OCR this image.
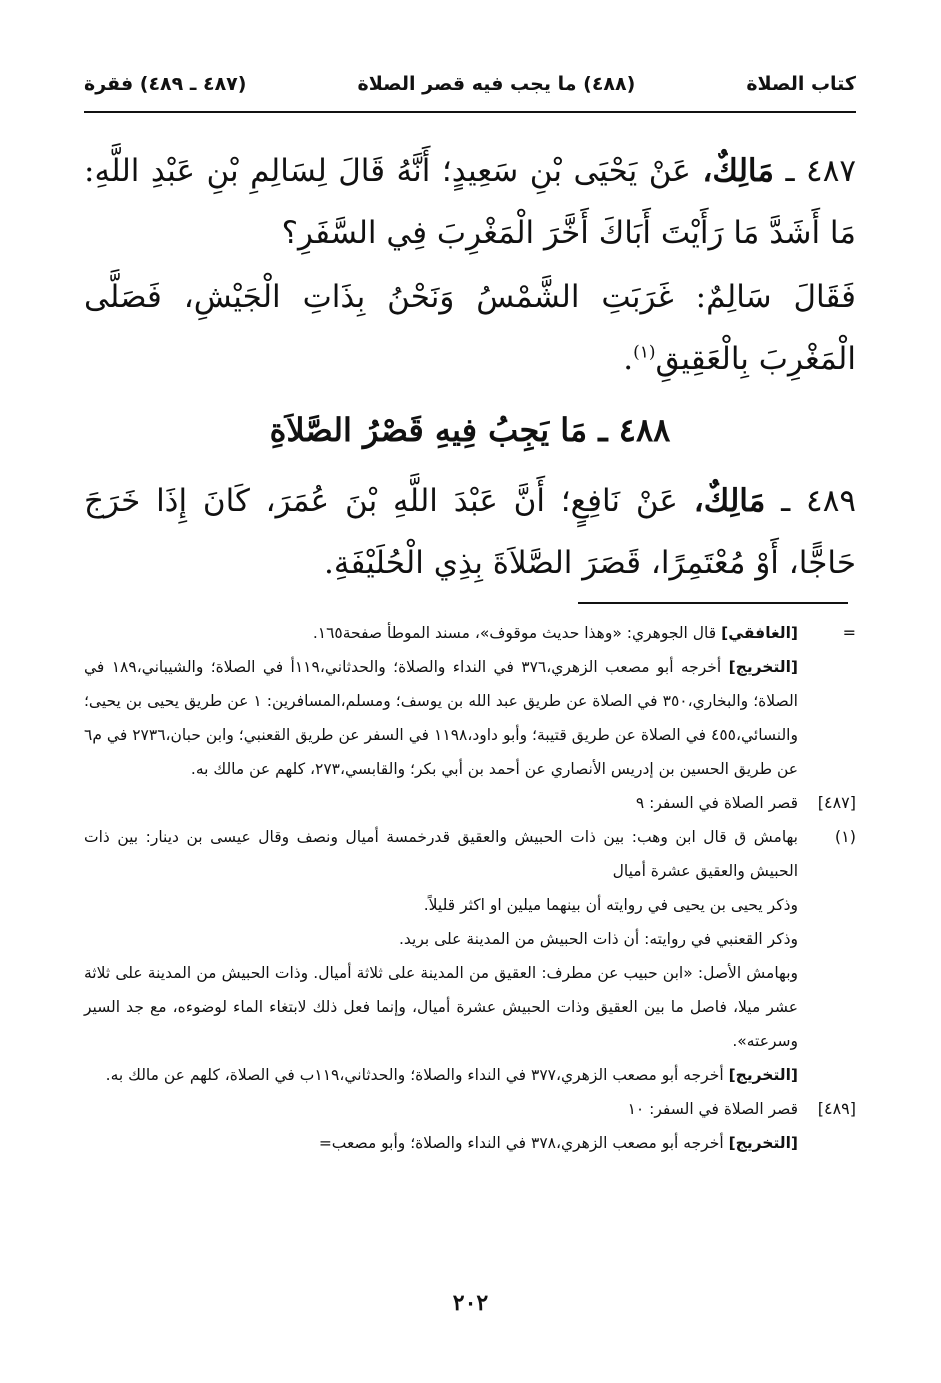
كتاب الصلاة
(٤٨٨) ما يجب فيه قصر الصلاة
(٤٨٧ ـ ٤٨٩) فقرة
٤٨٧ ـ مَالِكٌ، عَنْ يَحْيَى بْنِ سَعِيدٍ؛ أَنَّهُ قَالَ لِسَالِمِ بْنِ عَبْدِ اللَّهِ: مَا أَشَدَّ مَا رَأَيْتَ أَبَاكَ أَخَّرَ الْمَغْرِبَ فِي السَّفَرِ؟
فَقَالَ سَالِمٌ: غَرَبَتِ الشَّمْسُ وَنَحْنُ بِذَاتِ الْجَيْشِ، فَصَلَّى الْمَغْرِبَ بِالْعَقِيقِ$^{(١)}$.
٤٨٨ ـ مَا يَجِبُ فِيهِ قَصْرُ الصَّلاَةِ
٤٨٩ ـ مَالِكٌ، عَنْ نَافِعٍ؛ أَنَّ عَبْدَ اللَّهِ بْنَ عُمَرَ، كَانَ إِذَا خَرَجَ حَاجًّا، أَوْ مُعْتَمِرًا، قَصَرَ الصَّلاَةَ بِذِي الْحُلَيْفَةِ.
=
[الغافقي] قال الجوهري: «وهذا حديث موقوف»، مسند الموطأ صفحة١٦٥.
[التخريج] أخرجه أبو مصعب الزهري،٣٧٦ في النداء والصلاة؛ والحدثاني،١١٩أ في الصلاة؛ والشيباني،١٨٩ في الصلاة؛ والبخاري،٣٥٠ في الصلاة عن طريق عبد الله بن يوسف؛ ومسلم،المسافرين: ١ عن طريق يحيى بن يحيى؛ والنسائي،٤٥٥ في الصلاة عن طريق قتيبة؛ وأبو داود،١١٩٨ في السفر عن طريق القعنبي؛ وابن حبان،٢٧٣٦ في م٦ عن طريق الحسين بن إدريس الأنصاري عن أحمد بن أبي بكر؛ والقابسي،٢٧٣، كلهم عن مالك به.
[٤٨٧]
قصر الصلاة في السفر: ٩
(١)
بهامش ق قال ابن وهب: بين ذات الحبيش والعقيق قدرخمسة أميال ونصف وقال عيسى بن دينار: بين ذات الحبيش والعقيق عشرة أميال
وذكر يحيى بن يحيى في روايته أن بينهما ميلين او اكثر قليلاً.
وذكر القعنبي في روايته: أن ذات الحبيش من المدينة على بريد.
وبهامش الأصل: «ابن حبيب عن مطرف: العقيق من المدينة على ثلاثة أميال. وذات الحبيش من المدينة على ثلاثة عشر ميلا، فاصل ما بين العقيق وذات الحبيش عشرة أميال، وإنما فعل ذلك لابتغاء الماء لوضوءه، مع جد السير وسرعته».
[التخريج] أخرجه أبو مصعب الزهري،٣٧٧ في النداء والصلاة؛ والحدثاني،١١٩ب في الصلاة، كلهم عن مالك به.
[٤٨٩]
قصر الصلاة في السفر: ١٠
[التخريج] أخرجه أبو مصعب الزهري،٣٧٨ في النداء والصلاة؛ وأبو مصعب=
٢٠٢
